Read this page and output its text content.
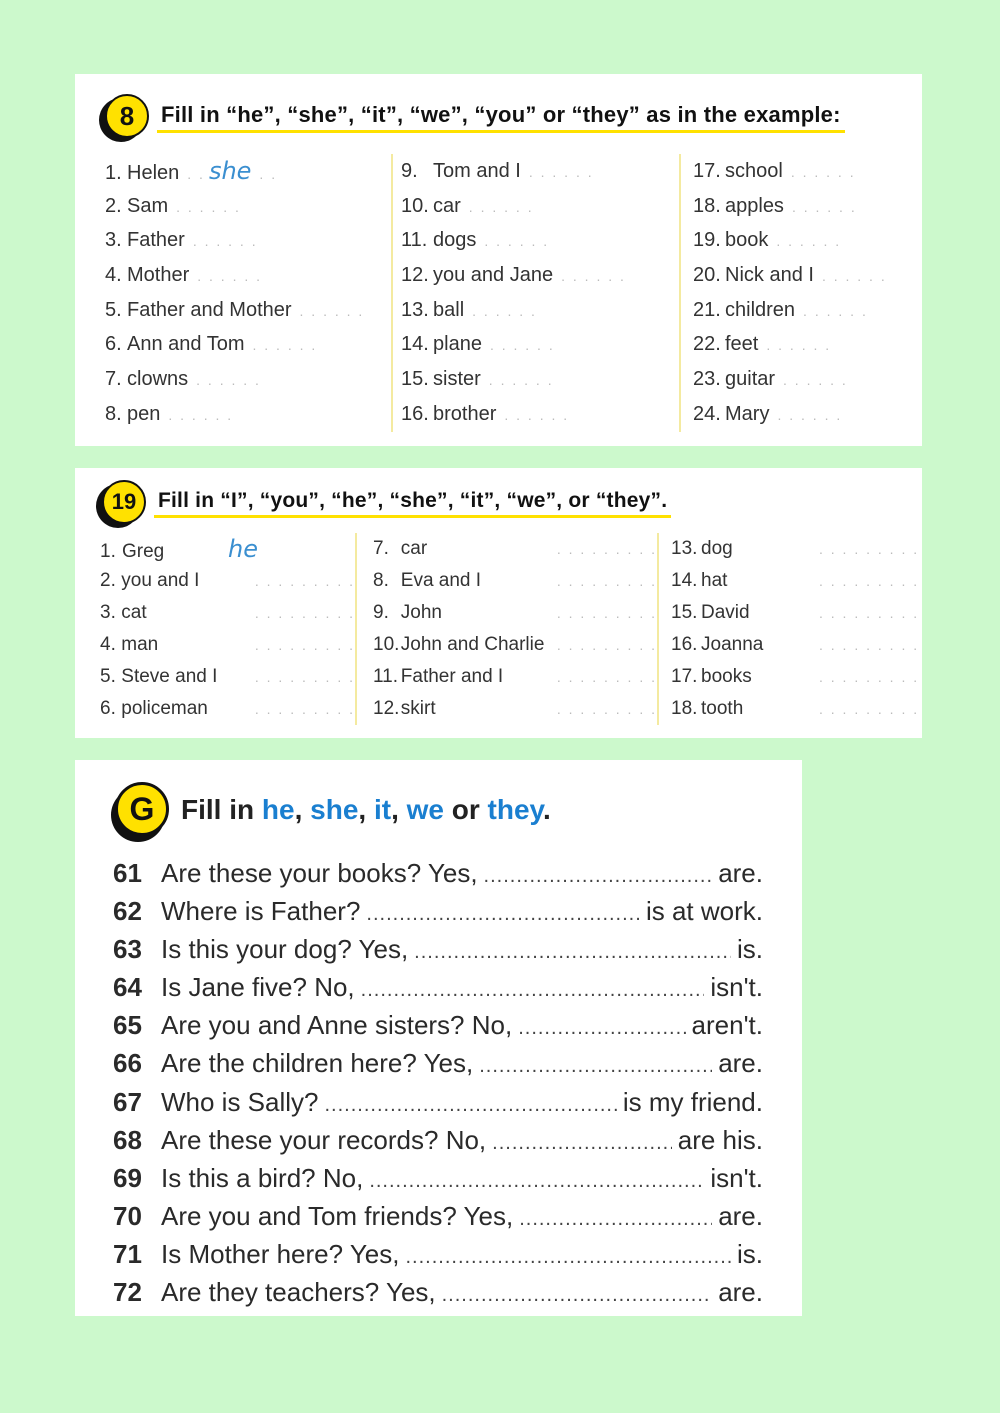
8	Fill in “he”, “she”, “it”, “we”, “you” or “they” as in the example:
1. Helen . . she . .
2. Sam . . . . . .
3. Father . . . . . .
4. Mother . . . . . .
5. Father and Mother . . . . . .
6. Ann and Tom . . . . . .
7. clowns . . . . . .
8. pen . . . . . .
9. Tom and I . . . . . .
10. car . . . . . .
11. dogs . . . . . .
12. you and Jane . . . . . .
13. ball . . . . . .
14. plane . . . . . .
15. sister . . . . . .
16. brother . . . . . .
17. school . . . . . .
18. apples . . . . . .
19. book . . . . . .
20. Nick and I . . . . . .
21. children . . . . . .
22. feet . . . . . .
23. guitar . . . . . .
24. Mary . . . . . .
19	Fill in “I”, “you”, “he”, “she”, “it”, “we”, or “they”.
1. Greg	he
2. you and I	. . . . . . . . .
3. cat	. . . . . . . . .
4. man	. . . . . . . . .
5. Steve and I	. . . . . . . . .
6. policeman	. . . . . . . . .
7. car	. . . . . . . . .
8. Eva and I	. . . . . . . . .
9. John	. . . . . . . . .
10. John and Charlie . . . . . . . . .
11. Father and I	. . . . . . . . .
12. skirt	. . . . . . . . .
13. dog	. . . . . . . . .
14. hat	. . . . . . . . .
15. David	. . . . . . . . .
16. Joanna	. . . . . . . . .
17. books	. . . . . . . . .
18. tooth	. . . . . . . . .
G Fill in he, she, it, we or they.
61 Are these your books? Yes, .....	are.
62 Where is Father? .....	is at work.
63 Is this your dog? Yes, .....	is.
64 Is Jane five? No, .....	isn't.
65 Are you and Anne sisters? No, .....	aren't.
66 Are the children here? Yes, .....	are.
67 Who is Sally? .....	is my friend.
68 Are these your records? No, .....	are his.
69 Is this a bird? No, .....	isn't.
70 Are you and Tom friends? Yes, .....	are.
71 Is Mother here? Yes, .....	is.
72 Are they teachers? Yes, .....	are.
